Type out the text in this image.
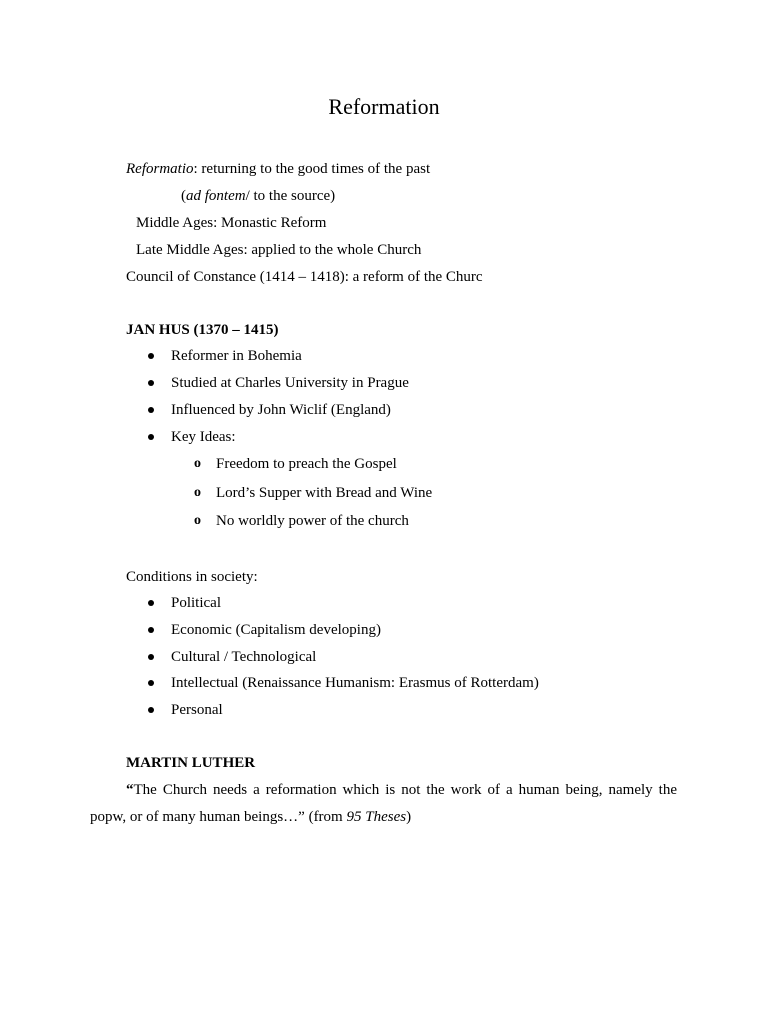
Reformation
Reformatio: returning to the good times of the past
(ad fontem/ to the source)
Middle Ages: Monastic Reform
Late Middle Ages: applied to the whole Church
Council of Constance (1414 – 1418): a reform of the Churc
JAN HUS (1370 – 1415)
Reformer in Bohemia
Studied at Charles University in Prague
Influenced by John Wiclif (England)
Key Ideas:
o Freedom to preach the Gospel
o Lord’s Supper with Bread and Wine
o No worldly power of the church
Conditions in society:
Political
Economic (Capitalism developing)
Cultural / Technological
Intellectual (Renaissance Humanism: Erasmus of Rotterdam)
Personal
MARTIN LUTHER
“The Church needs a reformation which is not the work of a human being, namely the
popw, or of many human beings…” (from 95 Theses)
